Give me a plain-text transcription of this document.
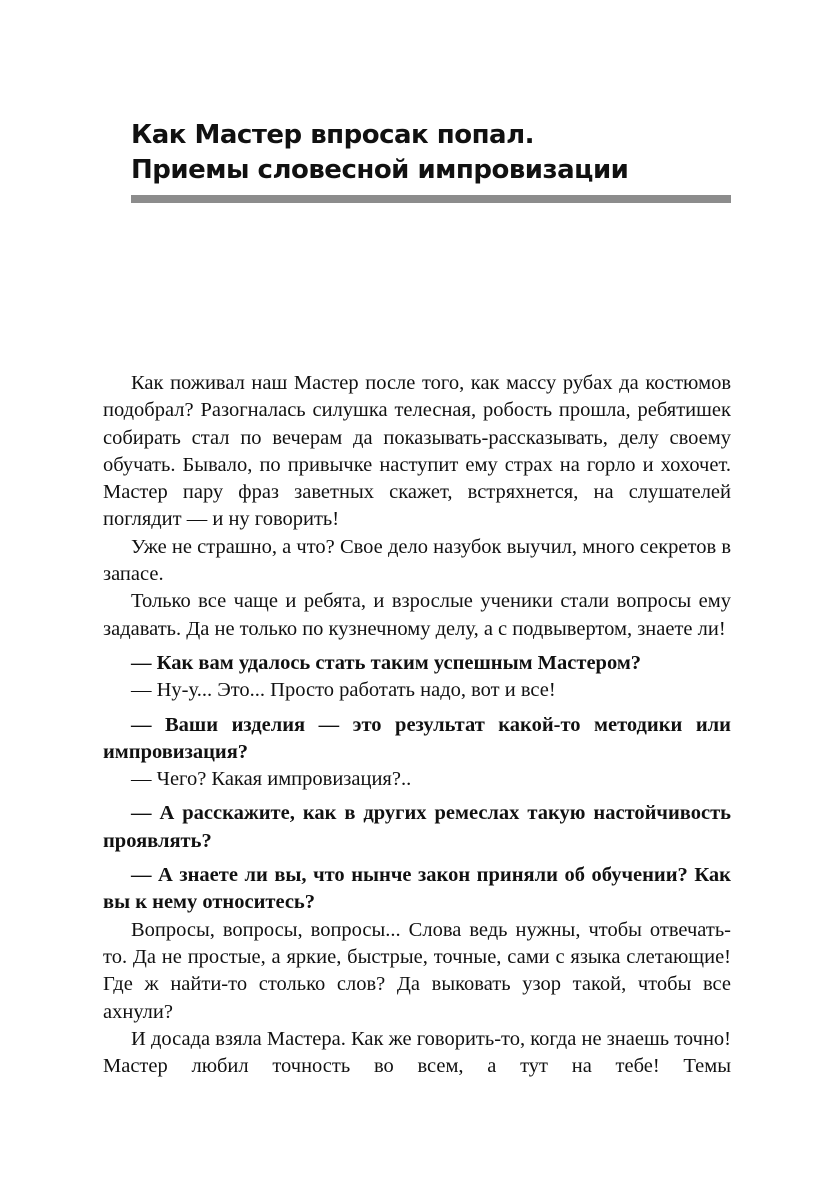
Как Мастер впросак попал.
Приемы словесной импровизации

Как поживал наш Мастер после того, как массу рубах да костюмов подобрал? Разогналась силушка телесная, робость прошла, ребятишек собирать стал по вечерам да показывать-рассказывать, делу своему обучать. Бывало, по привычке наступит ему страх на горло и хохочет. Мастер пару фраз заветных скажет, встряхнется, на слушателей поглядит — и ну говорить!

Уже не страшно, а что? Свое дело назубок выучил, много секретов в запасе.

Только все чаще и ребята, и взрослые ученики стали вопросы ему задавать. Да не только по кузнечному делу, а с подвывертом, знаете ли!

— Как вам удалось стать таким успешным Мастером?

— Ну-у... Это... Просто работать надо, вот и все!

— Ваши изделия — это результат какой-то методики или импровизация?

— Чего? Какая импровизация?..

— А расскажите, как в других ремеслах такую настойчивость проявлять?

— А знаете ли вы, что нынче закон приняли об обучении? Как вы к нему относитесь?

Вопросы, вопросы, вопросы... Слова ведь нужны, чтобы отвечать-то. Да не простые, а яркие, быстрые, точные, сами с языка слетающие! Где ж найти-то столько слов? Да выковать узор такой, чтобы все ахнули?

И досада взяла Мастера. Как же говорить-то, когда не знаешь точно! Мастер любил точность во всем, а тут на тебе! Темы
